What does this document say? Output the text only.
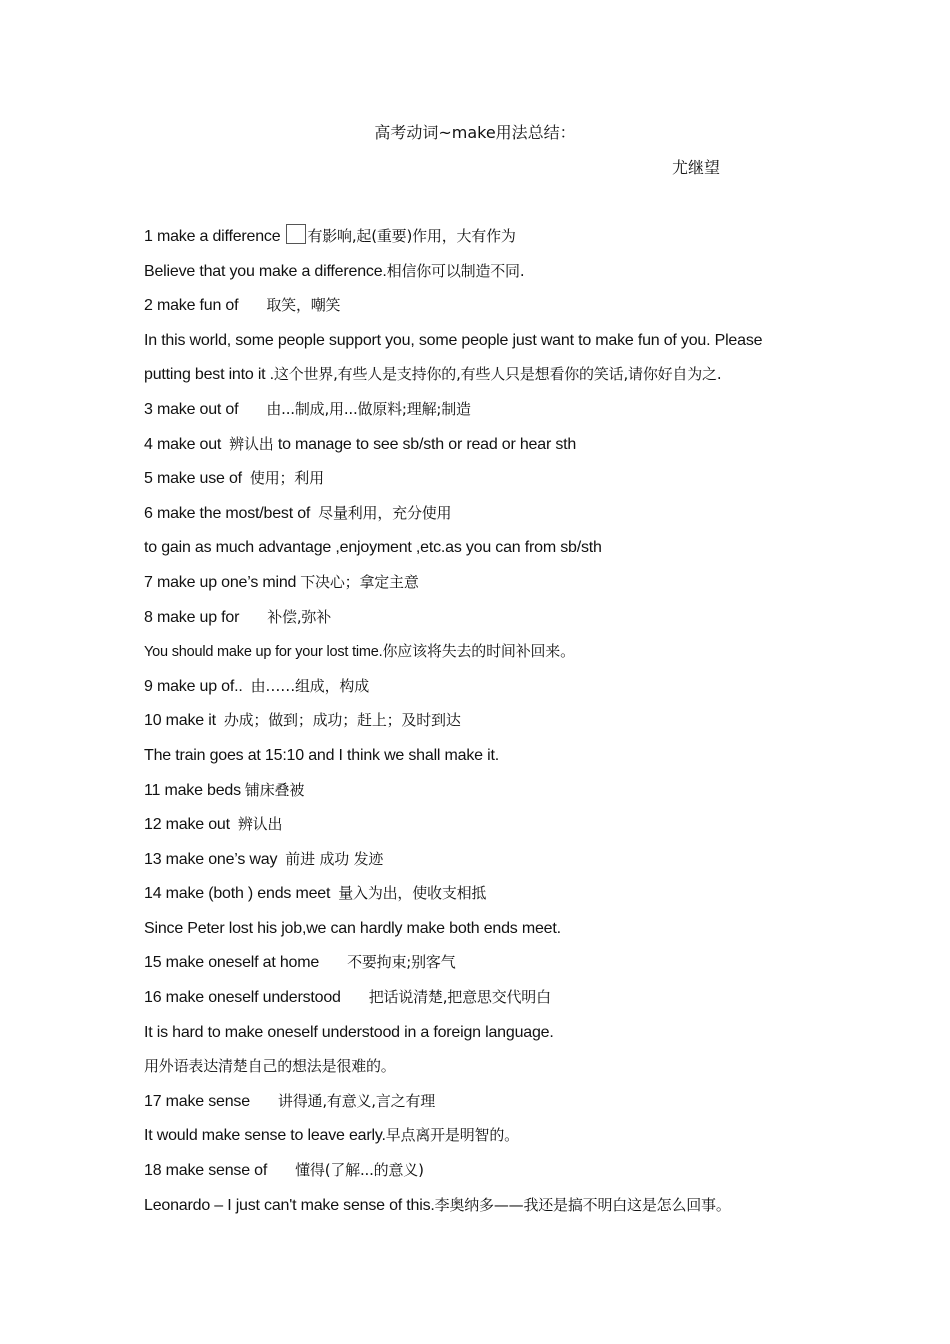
高考动词~make用法总结：
尤继望
1 make a difference 有影响,起(重要)作用，大有作为
Believe that you make a difference.相信你可以制造不同.
2 make fun of 取笑，嘲笑
In this world, some people support you, some people just want to make fun of you. Please
putting best into it .这个世界,有些人是支持你的,有些人只是想看你的笑话,请你好自为之.
3 make out of 由...制成,用...做原料;理解;制造
4 make out 辨认出 to manage to see sb/sth or read or hear sth
5 make use of 使用；利用
6 make the most/best of 尽量利用，充分使用
to gain as much advantage ,enjoyment ,etc.as you can from sb/sth
7 make up one’s mind 下决心；拿定主意
8 make up for 补偿,弥补
You should make up for your lost time.你应该将失去的时间补回来。
9 make up of.. 由……组成，构成
10 make it 办成；做到；成功；赶上；及时到达
The train goes at 15:10 and I think we shall make it.
11 make beds 铺床叠被
12 make out 辨认出
13 make one’s way 前进 成功 发迹
14 make (both ) ends meet 量入为出，使收支相抵
Since Peter lost his job,we can hardly make both ends meet.
15 make oneself at home 不要拘束;别客气
16 make oneself understood 把话说清楚,把意思交代明白
It is hard to make oneself understood in a foreign language.
用外语表达清楚自己的想法是很难的。
17 make sense 讲得通,有意义,言之有理
It would make sense to leave early.早点离开是明智的。
18 make sense of 懂得(了解...的意义)
Leonardo – I just can't make sense of this.李奥纳多——我还是搞不明白这是怎么回事。
